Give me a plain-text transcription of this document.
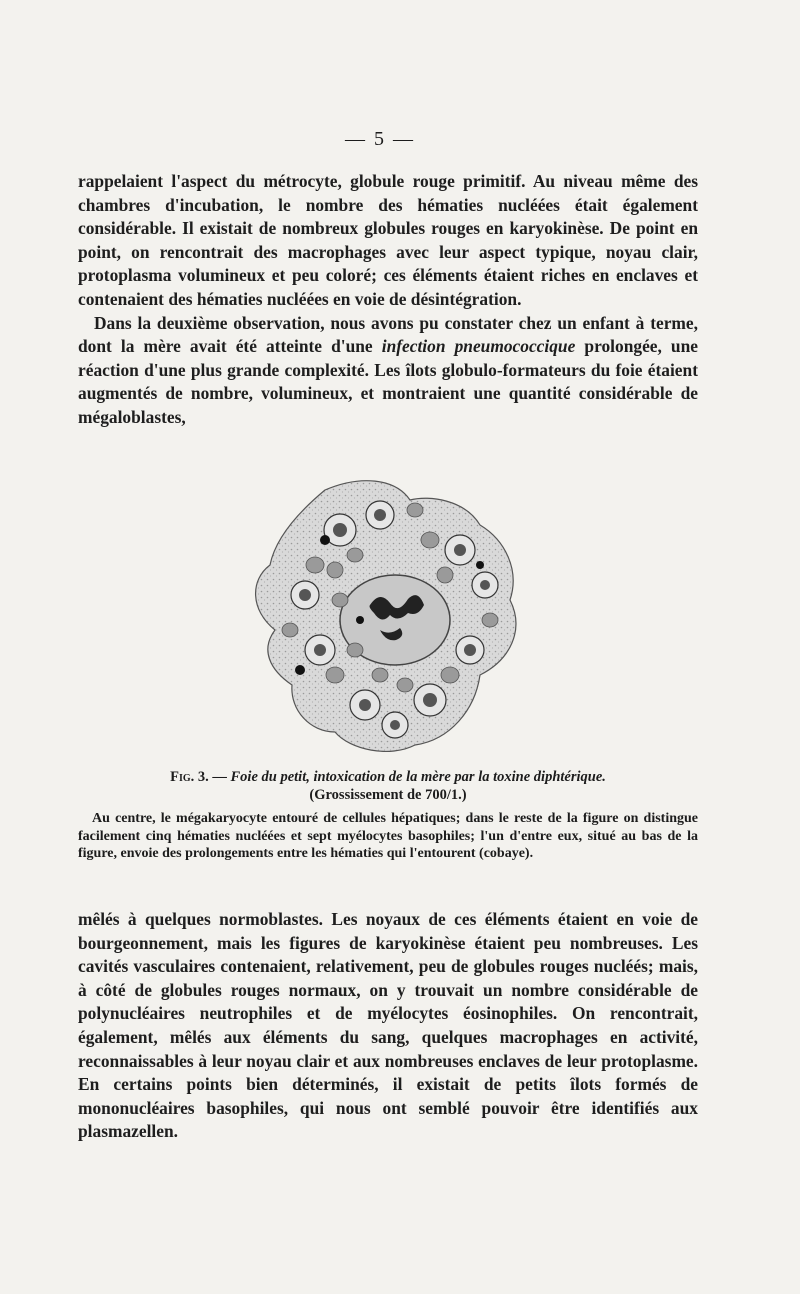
— 5 —

rappelaient l'aspect du métrocyte, globule rouge primitif. Au niveau même des chambres d'incubation, le nombre des hématies nucléées était également considérable. Il existait de nombreux globules rouges en karyokinèse. De point en point, on rencontrait des macrophages avec leur aspect typique, noyau clair, protoplasma volumineux et peu coloré; ces éléments étaient riches en enclaves et contenaient des hématies nucléées en voie de désintégration.

Dans la deuxième observation, nous avons pu constater chez un enfant à terme, dont la mère avait été atteinte d'une infection pneumococcique prolongée, une réaction d'une plus grande complexité. Les îlots globulo-formateurs du foie étaient augmentés de nombre, volumineux, et montraient une quantité considérable de mégaloblastes,

Fig. 3. — Foie du petit, intoxication de la mère par la toxine diphtérique.
(Grossissement de 700/1.)

Au centre, le mégakaryocyte entouré de cellules hépatiques; dans le reste de la figure on distingue facilement cinq hématies nucléées et sept myélocytes basophiles; l'un d'entre eux, situé au bas de la figure, envoie des prolongements entre les hématies qui l'entourent (cobaye).

mêlés à quelques normoblastes. Les noyaux de ces éléments étaient en voie de bourgeonnement, mais les figures de karyokinèse étaient peu nombreuses. Les cavités vasculaires contenaient, relativement, peu de globules rouges nucléés; mais, à côté de globules rouges normaux, on y trouvait un nombre considérable de polynucléaires neutrophiles et de myélocytes éosinophiles. On rencontrait, également, mêlés aux éléments du sang, quelques macrophages en activité, reconnaissables à leur noyau clair et aux nombreuses enclaves de leur protoplasme. En certains points bien déterminés, il existait de petits îlots formés de mononucléaires basophiles, qui nous ont semblé pouvoir être identifiés aux plasmazellen.
